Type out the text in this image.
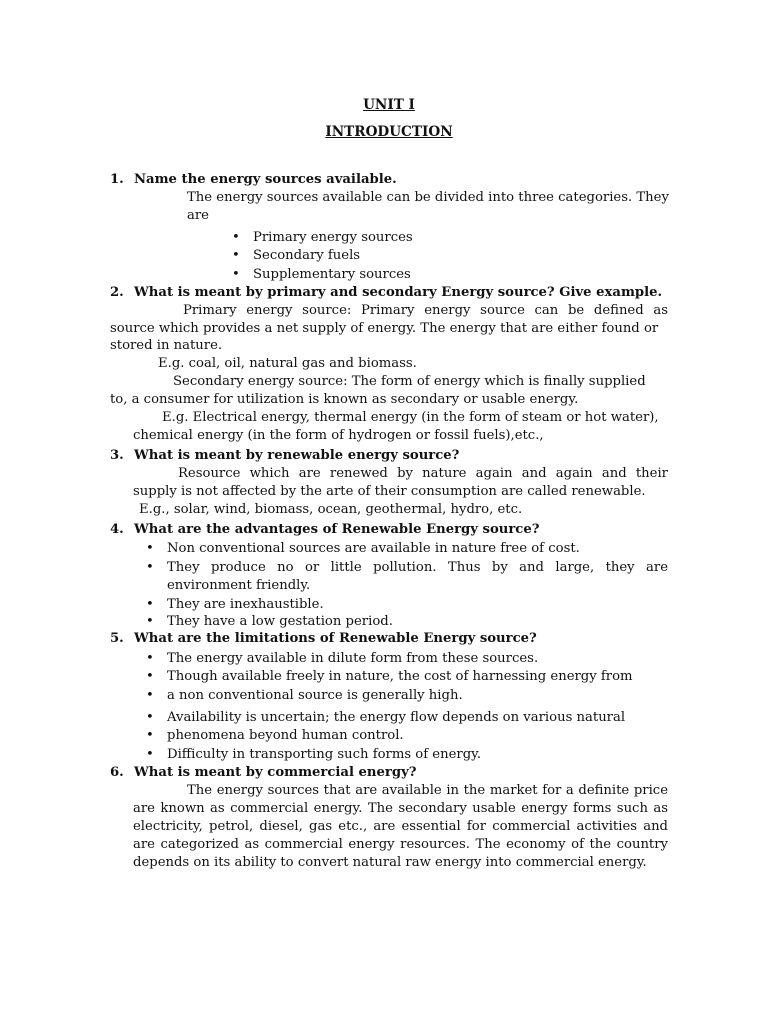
UNIT I
INTRODUCTION
1. Name the energy sources available.
The energy sources available can be divided into three categories. They
are
• Primary energy sources
• Secondary fuels
• Supplementary sources
2. What is meant by primary and secondary Energy source? Give example.
Primary energy source: Primary energy source can be defined as
source which provides a net supply of energy. The energy that are either found or
stored in nature.
E.g. coal, oil, natural gas and biomass.
Secondary energy source: The form of energy which is finally supplied
to, a consumer for utilization is known as secondary or usable energy.
E.g. Electrical energy, thermal energy (in the form of steam or hot water),
chemical energy (in the form of hydrogen or fossil fuels),etc.,
3. What is meant by renewable energy source?
Resource which are renewed by nature again and again and their
supply is not affected by the arte of their consumption are called renewable.
E.g., solar, wind, biomass, ocean, geothermal, hydro, etc.
4. What are the advantages of Renewable Energy source?
• Non conventional sources are available in nature free of cost.
• They produce no or little pollution. Thus by and large, they are
environment friendly.
• They are inexhaustible.
• They have a low gestation period.
5. What are the limitations of Renewable Energy source?
• The energy available in dilute form from these sources.
• Though available freely in nature, the cost of harnessing energy from
• a non conventional source is generally high.
• Availability is uncertain; the energy flow depends on various natural
• phenomena beyond human control.
• Difficulty in transporting such forms of energy.
6. What is meant by commercial energy?
The energy sources that are available in the market for a definite price
are known as commercial energy. The secondary usable energy forms such as
electricity, petrol, diesel, gas etc., are essential for commercial activities and
are categorized as commercial energy resources. The economy of the country
depends on its ability to convert natural raw energy into commercial energy.
